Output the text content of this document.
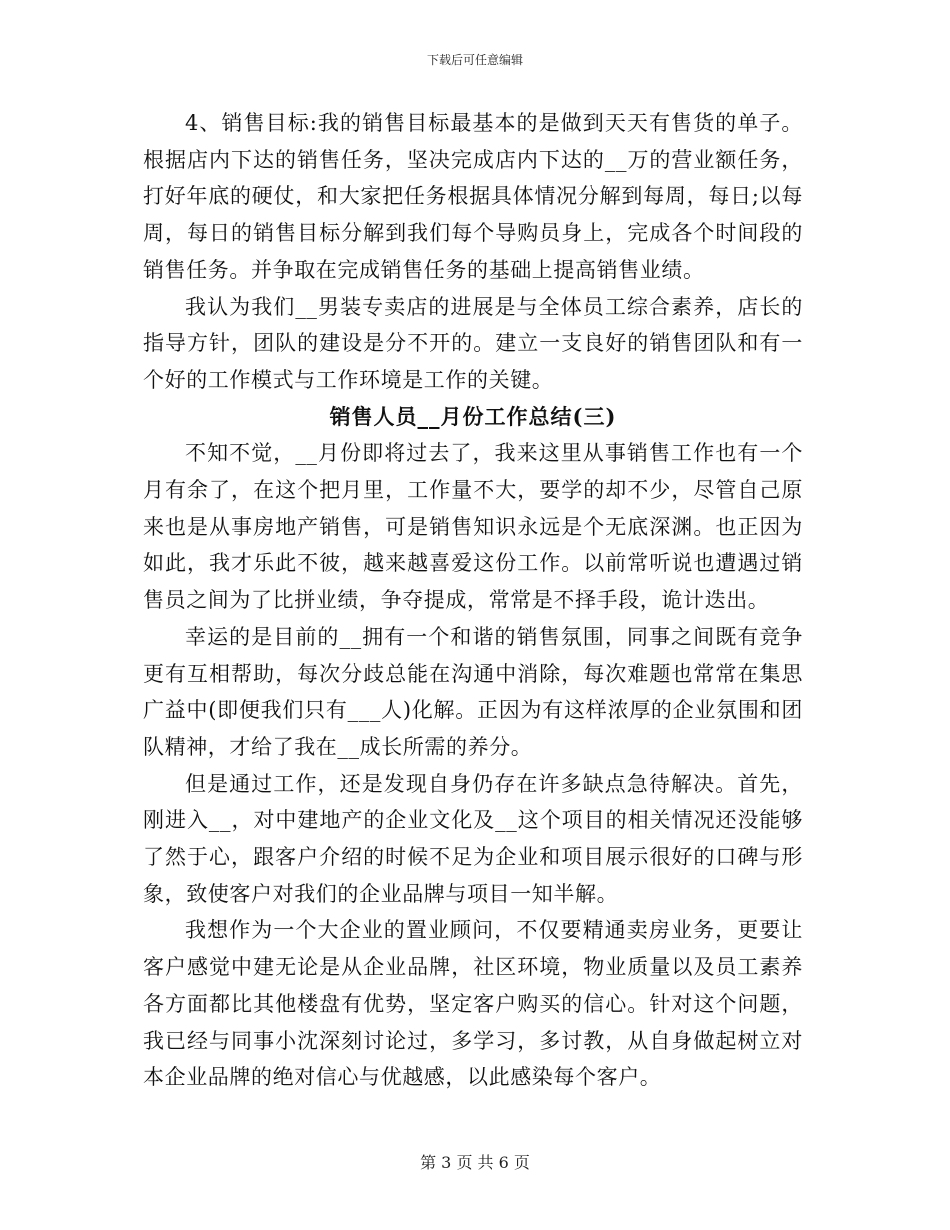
下载后可任意编辑

4、销售目标:我的销售目标最基本的是做到天天有售货的单子。根据店内下达的销售任务，坚决完成店内下达的__万的营业额任务，打好年底的硬仗，和大家把任务根据具体情况分解到每周，每日;以每周，每日的销售目标分解到我们每个导购员身上，完成各个时间段的销售任务。并争取在完成销售任务的基础上提高销售业绩。

我认为我们__男装专卖店的进展是与全体员工综合素养，店长的指导方针，团队的建设是分不开的。建立一支良好的销售团队和有一个好的工作模式与工作环境是工作的关键。

销售人员__月份工作总结(三)

不知不觉，__月份即将过去了，我来这里从事销售工作也有一个月有余了，在这个把月里，工作量不大，要学的却不少，尽管自己原来也是从事房地产销售，可是销售知识永远是个无底深渊。也正因为如此，我才乐此不彼，越来越喜爱这份工作。以前常听说也遭遇过销售员之间为了比拼业绩，争夺提成，常常是不择手段，诡计迭出。

幸运的是目前的__拥有一个和谐的销售氛围，同事之间既有竞争更有互相帮助，每次分歧总能在沟通中消除，每次难题也常常在集思广益中(即便我们只有___人)化解。正因为有这样浓厚的企业氛围和团队精神，才给了我在__成长所需的养分。

但是通过工作，还是发现自身仍存在许多缺点急待解决。首先，刚进入__，对中建地产的企业文化及__这个项目的相关情况还没能够了然于心，跟客户介绍的时候不足为企业和项目展示很好的口碑与形象，致使客户对我们的企业品牌与项目一知半解。

我想作为一个大企业的置业顾问，不仅要精通卖房业务，更要让客户感觉中建无论是从企业品牌，社区环境，物业质量以及员工素养各方面都比其他楼盘有优势，坚定客户购买的信心。针对这个问题，我已经与同事小沈深刻讨论过，多学习，多讨教，从自身做起树立对本企业品牌的绝对信心与优越感，以此感染每个客户。

第 3 页 共 6 页
